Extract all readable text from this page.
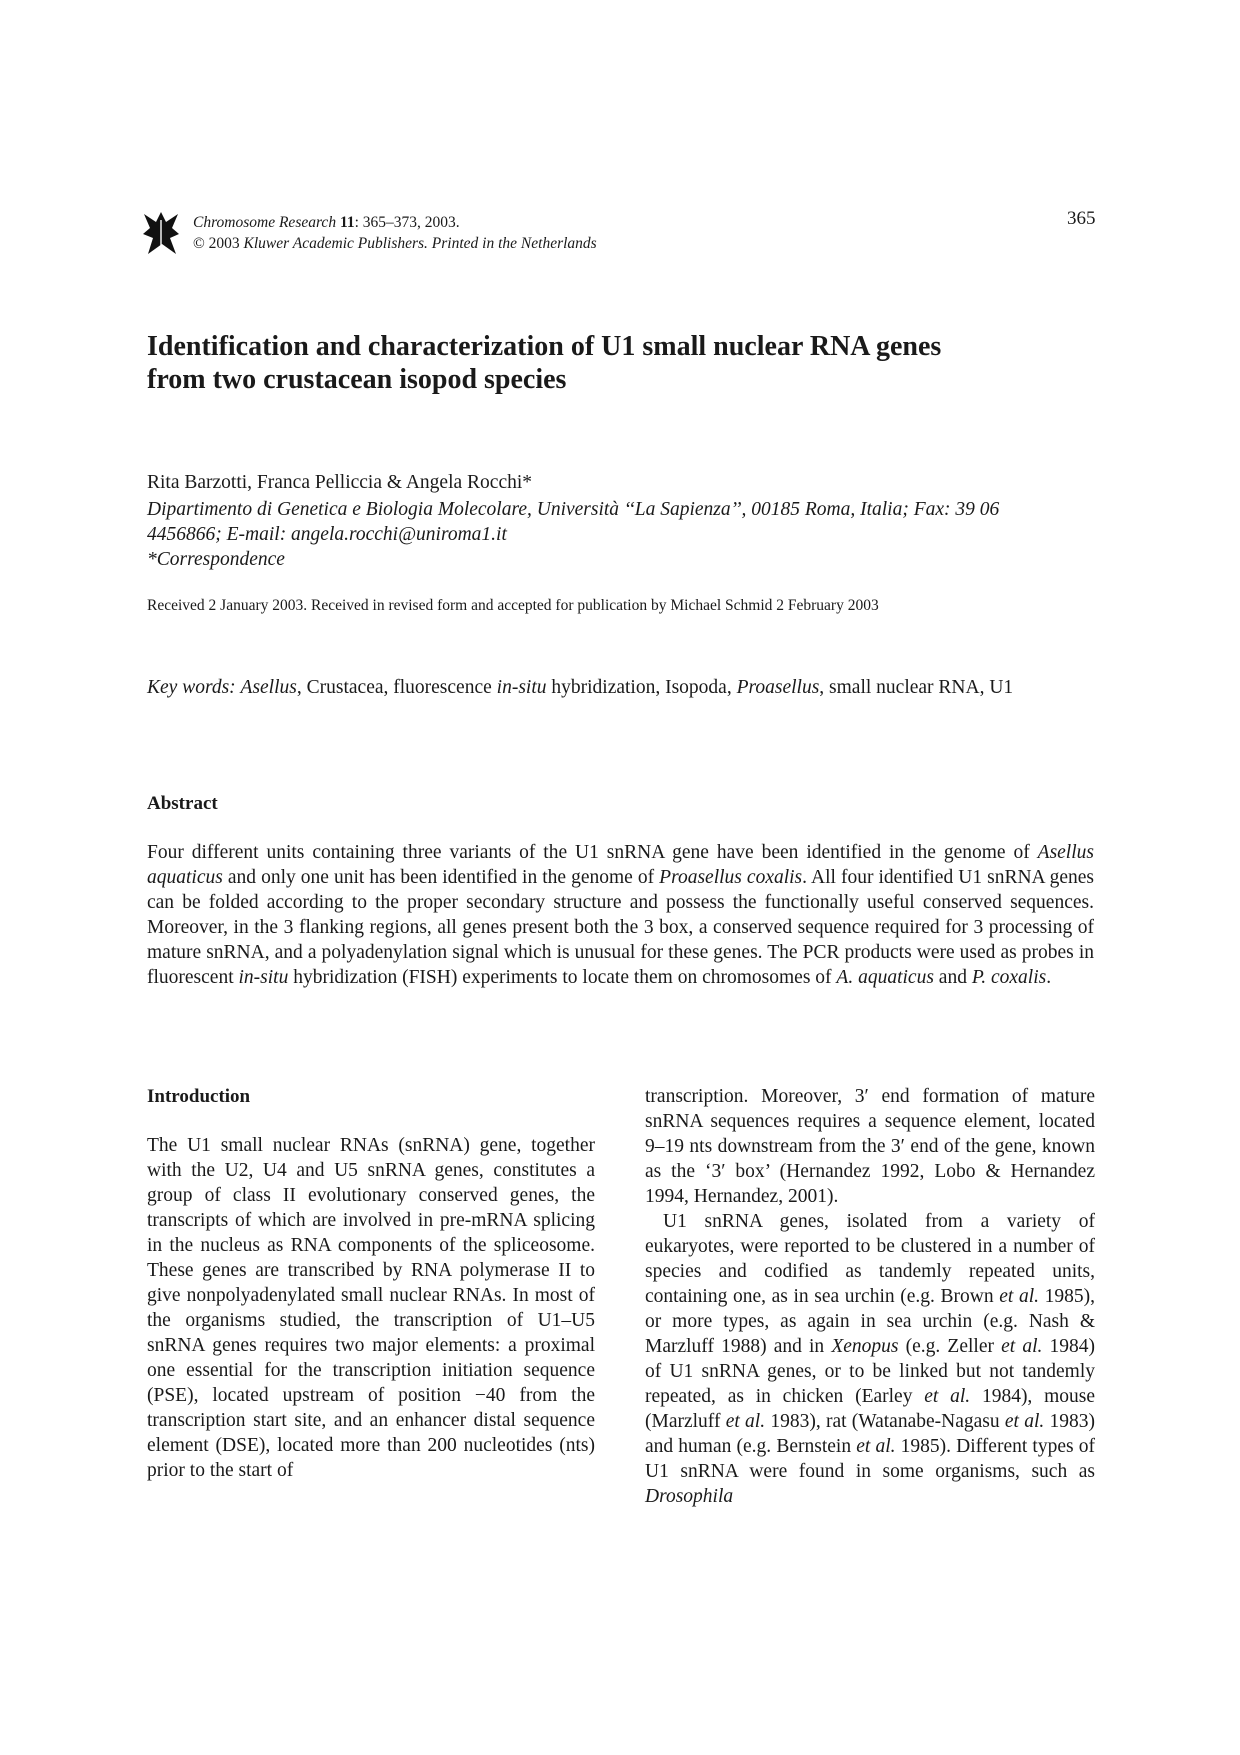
Chromosome Research 11: 365–373, 2003.
© 2003 Kluwer Academic Publishers. Printed in the Netherlands
365
Identification and characterization of U1 small nuclear RNA genes
from two crustacean isopod species
Rita Barzotti, Franca Pelliccia & Angela Rocchi*
Dipartimento di Genetica e Biologia Molecolare, Università ‘‘La Sapienza’’, 00185 Roma, Italia; Fax: 39 06
4456866; E-mail: angela.rocchi@uniroma1.it
*Correspondence
Received 2 January 2003. Received in revised form and accepted for publication by Michael Schmid 2 February 2003
Key words: Asellus, Crustacea, fluorescence in-situ hybridization, Isopoda, Proasellus, small nuclear RNA, U1
Abstract
Four different units containing three variants of the U1 snRNA gene have been identified in the genome of Asellus aquaticus and only one unit has been identified in the genome of Proasellus coxalis. All four identified U1 snRNA genes can be folded according to the proper secondary structure and possess the functionally useful conserved sequences. Moreover, in the 3 flanking regions, all genes present both the 3 box, a conserved sequence required for 3 processing of mature snRNA, and a polyadenylation signal which is unusual for these genes. The PCR products were used as probes in fluorescent in-situ hybridization (FISH) experiments to locate them on chromosomes of A. aquaticus and P. coxalis.
Introduction

The U1 small nuclear RNAs (snRNA) gene, together with the U2, U4 and U5 snRNA genes, constitutes a group of class II evolutionary conserved genes, the transcripts of which are involved in pre-mRNA splicing in the nucleus as RNA components of the spliceosome. These genes are transcribed by RNA polymerase II to give nonpolyadenylated small nuclear RNAs. In most of the organisms studied, the transcription of U1–U5 snRNA genes requires two major elements: a proximal one essential for the transcription initiation sequence (PSE), located upstream of position −40 from the transcription start site, and an enhancer distal sequence element (DSE), located more than 200 nucleotides (nts) prior to the start of

transcription. Moreover, 3′ end formation of mature snRNA sequences requires a sequence element, located 9–19 nts downstream from the 3′ end of the gene, known as the ‘3′ box’ (Hernandez 1992, Lobo & Hernandez 1994, Hernandez, 2001).

U1 snRNA genes, isolated from a variety of eukaryotes, were reported to be clustered in a number of species and codified as tandemly repeated units, containing one, as in sea urchin (e.g. Brown et al. 1985), or more types, as again in sea urchin (e.g. Nash & Marzluff 1988) and in Xenopus (e.g. Zeller et al. 1984) of U1 snRNA genes, or to be linked but not tandemly repeated, as in chicken (Earley et al. 1984), mouse (Marzluff et al. 1983), rat (Watanabe-Nagasu et al. 1983) and human (e.g. Bernstein et al. 1985). Different types of U1 snRNA were found in some organisms, such as Drosophila
